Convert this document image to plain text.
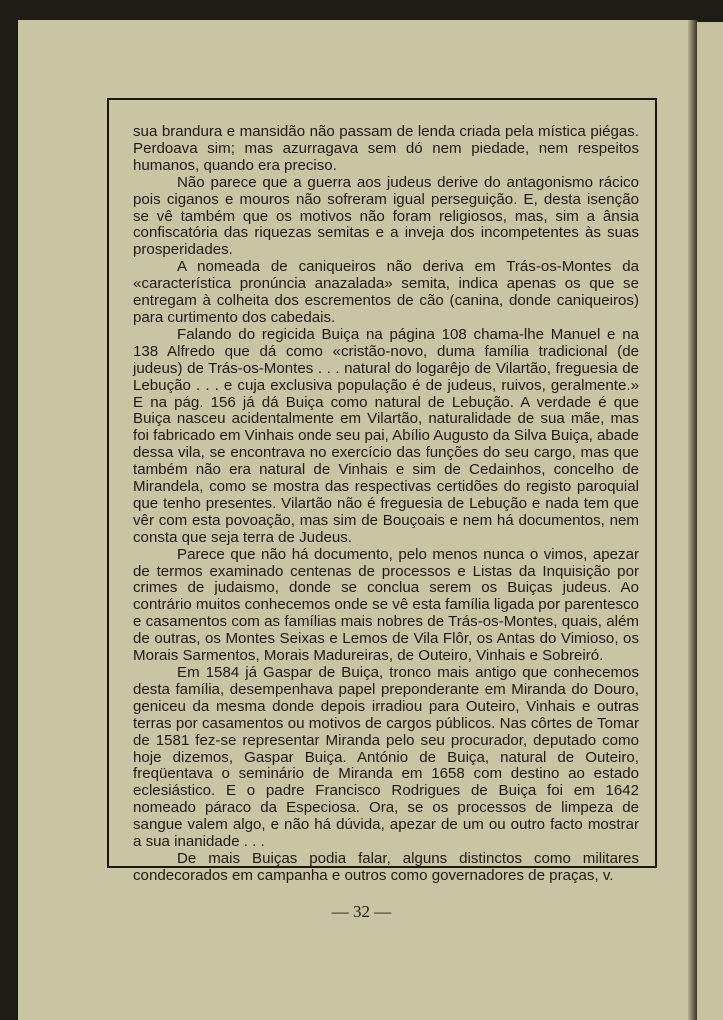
sua brandura e mansidão não passam de lenda criada pela mística piégas. Perdoava sim; mas azurragava sem dó nem piedade, nem respeitos humanos, quando era preciso.

Não parece que a guerra aos judeus derive do antagonismo rácico pois ciganos e mouros não sofreram igual perseguição. E, desta isenção se vê também que os motivos não foram religiosos, mas, sim a ânsia confiscatória das riquezas semitas e a inveja dos incompetentes às suas prosperidades.

A nomeada de caniqueiros não deriva em Trás-os-Montes da «característica pronúncia anazalada» semita, indica apenas os que se entregam à colheita dos escrementos de cão (canina, donde caniqueiros) para curtimento dos cabedais.

Falando do regicida Buiça na página 108 chama-lhe Manuel e na 138 Alfredo que dá como «cristão-novo, duma família tradicional (de judeus) de Trás-os-Montes . . . natural do logarêjo de Vilartão, freguesia de Lebução . . . e cuja exclusiva população é de judeus, ruivos, geralmente.» E na pág. 156 já dá Buiça como natural de Lebução. A verdade é que Buiça nasceu acidentalmente em Vilartão, naturalidade de sua mãe, mas foi fabricado em Vinhais onde seu pai, Abílio Augusto da Silva Buiça, abade dessa vila, se encontrava no exercício das funções do seu cargo, mas que também não era natural de Vinhais e sim de Cedainhos, concelho de Mirandela, como se mostra das respectivas certidões do registo paroquial que tenho presentes. Vilartão não é freguesia de Lebução e nada tem que vêr com esta povoação, mas sim de Bouçoais e nem há documentos, nem consta que seja terra de Judeus.

Parece que não há documento, pelo menos nunca o vimos, apezar de termos examinado centenas de processos e Listas da Inquisição por crimes de judaismo, donde se conclua serem os Buiças judeus. Ao contrário muitos conhecemos onde se vê esta família ligada por parentesco e casamentos com as famílias mais nobres de Trás-os-Montes, quais, além de outras, os Montes Seixas e Lemos de Vila Flôr, os Antas do Vimioso, os Morais Sarmentos, Morais Madureiras, de Outeiro, Vinhais e Sobreiró.

Em 1584 já Gaspar de Buiça, tronco mais antigo que conhecemos desta família, desempenhava papel preponderante em Miranda do Douro, geniceu da mesma donde depois irradiou para Outeiro, Vinhais e outras terras por casamentos ou motivos de cargos públicos. Nas côrtes de Tomar de 1581 fez-se representar Miranda pelo seu procurador, deputado como hoje dizemos, Gaspar Buiça. António de Buiça, natural de Outeiro, freqüentava o seminário de Miranda em 1658 com destino ao estado eclesiástico. E o padre Francisco Rodrigues de Buiça foi em 1642 nomeado páraco da Especiosa. Ora, se os processos de limpeza de sangue valem algo, e não há dúvida, apezar de um ou outro facto mostrar a sua inanidade . . .

De mais Buiças podia falar, alguns distinctos como militares condecorados em campanha e outros como governadores de praças, v.

— 32 —
